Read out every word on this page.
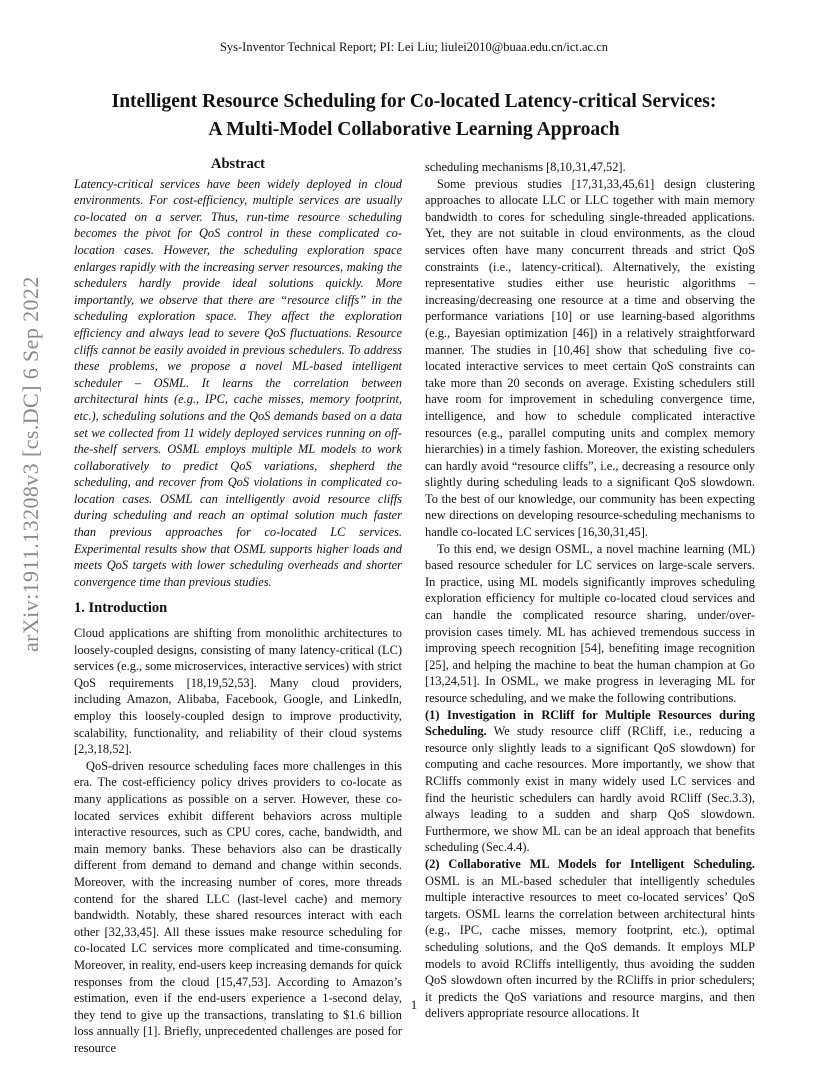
Sys-Inventor Technical Report; PI: Lei Liu; liulei2010@buaa.edu.cn/ict.ac.cn
Intelligent Resource Scheduling for Co-located Latency-critical Services:
A Multi-Model Collaborative Learning Approach
arXiv:1911.13208v3 [cs.DC] 6 Sep 2022
Abstract

Latency-critical services have been widely deployed in cloud environments. For cost-efficiency, multiple services are usually co-located on a server. Thus, run-time resource scheduling becomes the pivot for QoS control in these complicated co-location cases. However, the scheduling exploration space enlarges rapidly with the increasing server resources, making the schedulers hardly provide ideal solutions quickly. More importantly, we observe that there are “resource cliffs” in the scheduling exploration space. They affect the exploration efficiency and always lead to severe QoS fluctuations. Resource cliffs cannot be easily avoided in previous schedulers. To address these problems, we propose a novel ML-based intelligent scheduler – OSML. It learns the correlation between architectural hints (e.g., IPC, cache misses, memory footprint, etc.), scheduling solutions and the QoS demands based on a data set we collected from 11 widely deployed services running on off-the-shelf servers. OSML employs multiple ML models to work collaboratively to predict QoS variations, shepherd the scheduling, and recover from QoS violations in complicated co-location cases. OSML can intelligently avoid resource cliffs during scheduling and reach an optimal solution much faster than previous approaches for co-located LC services. Experimental results show that OSML supports higher loads and meets QoS targets with lower scheduling overheads and shorter convergence time than previous studies.

1. Introduction

Cloud applications are shifting from monolithic architectures to loosely-coupled designs, consisting of many latency-critical (LC) services (e.g., some microservices, interactive services) with strict QoS requirements [18,19,52,53]. Many cloud providers, including Amazon, Alibaba, Facebook, Google, and LinkedIn, employ this loosely-coupled design to improve productivity, scalability, functionality, and reliability of their cloud systems [2,3,18,52].

QoS-driven resource scheduling faces more challenges in this era. The cost-efficiency policy drives providers to co-locate as many applications as possible on a server. However, these co-located services exhibit different behaviors across multiple interactive resources, such as CPU cores, cache, bandwidth, and main memory banks. These behaviors also can be drastically different from demand to demand and change within seconds. Moreover, with the increasing number of cores, more threads contend for the shared LLC (last-level cache) and memory bandwidth. Notably, these shared resources interact with each other [32,33,45]. All these issues make resource scheduling for co-located LC services more complicated and time-consuming. Moreover, in reality, end-users keep increasing demands for quick responses from the cloud [15,47,53]. According to Amazon’s estimation, even if the end-users experience a 1-second delay, they tend to give up the transactions, translating to $1.6 billion loss annually [1]. Briefly, unprecedented challenges are posed for resource

scheduling mechanisms [8,10,31,47,52].

Some previous studies [17,31,33,45,61] design clustering approaches to allocate LLC or LLC together with main memory bandwidth to cores for scheduling single-threaded applications. Yet, they are not suitable in cloud environments, as the cloud services often have many concurrent threads and strict QoS constraints (i.e., latency-critical). Alternatively, the existing representative studies either use heuristic algorithms – increasing/decreasing one resource at a time and observing the performance variations [10] or use learning-based algorithms (e.g., Bayesian optimization [46]) in a relatively straightforward manner. The studies in [10,46] show that scheduling five co-located interactive services to meet certain QoS constraints can take more than 20 seconds on average. Existing schedulers still have room for improvement in scheduling convergence time, intelligence, and how to schedule complicated interactive resources (e.g., parallel computing units and complex memory hierarchies) in a timely fashion. Moreover, the existing schedulers can hardly avoid “resource cliffs”, i.e., decreasing a resource only slightly during scheduling leads to a significant QoS slowdown. To the best of our knowledge, our community has been expecting new directions on developing resource-scheduling mechanisms to handle co-located LC services [16,30,31,45].

To this end, we design OSML, a novel machine learning (ML) based resource scheduler for LC services on large-scale servers. In practice, using ML models significantly improves scheduling exploration efficiency for multiple co-located cloud services and can handle the complicated resource sharing, under/over-provision cases timely. ML has achieved tremendous success in improving speech recognition [54], benefiting image recognition [25], and helping the machine to beat the human champion at Go [13,24,51]. In OSML, we make progress in leveraging ML for resource scheduling, and we make the following contributions.

(1) Investigation in RCliff for Multiple Resources during Scheduling. We study resource cliff (RCliff, i.e., reducing a resource only slightly leads to a significant QoS slowdown) for computing and cache resources. More importantly, we show that RCliffs commonly exist in many widely used LC services and find the heuristic schedulers can hardly avoid RCliff (Sec.3.3), always leading to a sudden and sharp QoS slowdown. Furthermore, we show ML can be an ideal approach that benefits scheduling (Sec.4.4).

(2) Collaborative ML Models for Intelligent Scheduling. OSML is an ML-based scheduler that intelligently schedules multiple interactive resources to meet co-located services’ QoS targets. OSML learns the correlation between architectural hints (e.g., IPC, cache misses, memory footprint, etc.), optimal scheduling solutions, and the QoS demands. It employs MLP models to avoid RCliffs intelligently, thus avoiding the sudden QoS slowdown often incurred by the RCliffs in prior schedulers; it predicts the QoS variations and resource margins, and then delivers appropriate resource allocations. It

1
